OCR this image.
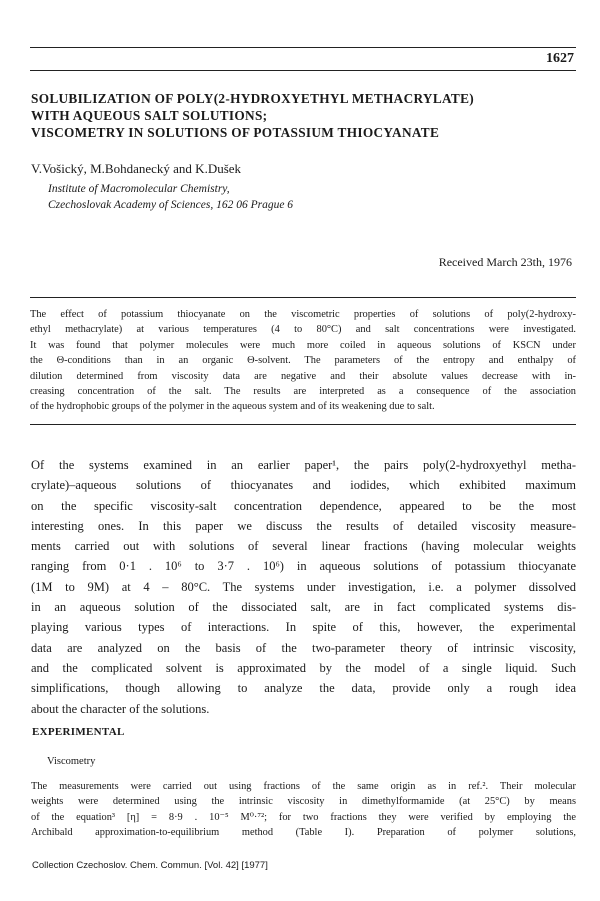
1627
SOLUBILIZATION OF POLY(2-HYDROXYETHYL METHACRYLATE)
WITH AQUEOUS SALT SOLUTIONS;
VISCOMETRY IN SOLUTIONS OF POTASSIUM THIOCYANATE
V.Vošický, M.Bohdanecký and K.Dušek
Institute of Macromolecular Chemistry,
Czechoslovak Academy of Sciences, 162 06 Prague 6
Received March 23th, 1976
The effect of potassium thiocyanate on the viscometric properties of solutions of poly(2-hydroxy-
ethyl methacrylate) at various temperatures (4 to 80°C) and salt concentrations were investigated.
It was found that polymer molecules were much more coiled in aqueous solutions of KSCN under
the Θ-conditions than in an organic Θ-solvent. The parameters of the entropy and enthalpy of
dilution determined from viscosity data are negative and their absolute values decrease with in-
creasing concentration of the salt. The results are interpreted as a consequence of the association
of the hydrophobic groups of the polymer in the aqueous system and of its weakening due to salt.
Of the systems examined in an earlier paper¹, the pairs poly(2-hydroxyethyl metha-
crylate)–aqueous solutions of thiocyanates and iodides, which exhibited maximum
on the specific viscosity-salt concentration dependence, appeared to be the most
interesting ones. In this paper we discuss the results of detailed viscosity measure-
ments carried out with solutions of several linear fractions (having molecular weights
ranging from 0·1 . 10⁶ to 3·7 . 10⁶) in aqueous solutions of potassium thiocyanate
(1M to 9M) at 4 – 80°C. The systems under investigation, i.e. a polymer dissolved
in an aqueous solution of the dissociated salt, are in fact complicated systems dis-
playing various types of interactions. In spite of this, however, the experimental
data are analyzed on the basis of the two-parameter theory of intrinsic viscosity,
and the complicated solvent is approximated by the model of a single liquid. Such
simplifications, though allowing to analyze the data, provide only a rough idea
about the character of the solutions.
EXPERIMENTAL
Viscometry
The measurements were carried out using fractions of the same origin as in ref.². Their molecular
weights were determined using the intrinsic viscosity in dimethylformamide (at 25°C) by means
of the equation³ [η] = 8·9 . 10⁻⁵ M⁰·⁷²; for two fractions they were verified by employing the
Archibald approximation-to-equilibrium method (Table I). Preparation of polymer solutions,
Collection Czechoslov. Chem. Commun. [Vol. 42] [1977]
